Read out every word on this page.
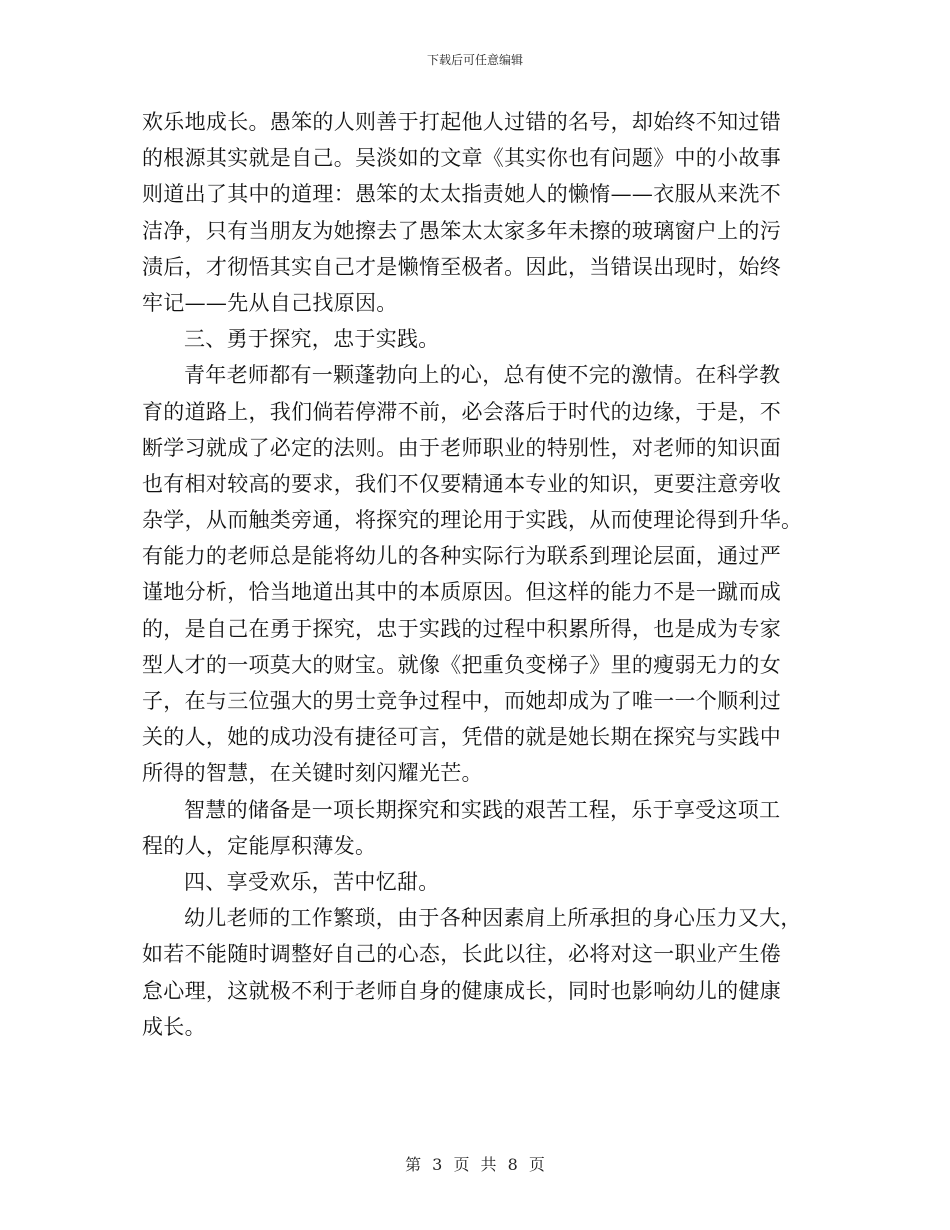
下载后可任意编辑
欢乐地成长。愚笨的人则善于打起他人过错的名号，却始终不知过错
的根源其实就是自己。吴淡如的文章《其实你也有问题》中的小故事
则道出了其中的道理：愚笨的太太指责她人的懒惰——衣服从来洗不
洁净，只有当朋友为她擦去了愚笨太太家多年未擦的玻璃窗户上的污
渍后，才彻悟其实自己才是懒惰至极者。因此，当错误出现时，始终
牢记——先从自己找原因。
三、勇于探究，忠于实践。
青年老师都有一颗蓬勃向上的心，总有使不完的激情。在科学教
育的道路上，我们倘若停滞不前，必会落后于时代的边缘，于是，不
断学习就成了必定的法则。由于老师职业的特别性，对老师的知识面
也有相对较高的要求，我们不仅要精通本专业的知识，更要注意旁收
杂学，从而触类旁通，将探究的理论用于实践，从而使理论得到升华。
有能力的老师总是能将幼儿的各种实际行为联系到理论层面，通过严
谨地分析，恰当地道出其中的本质原因。但这样的能力不是一蹴而成
的，是自己在勇于探究，忠于实践的过程中积累所得，也是成为专家
型人才的一项莫大的财宝。就像《把重负变梯子》里的瘦弱无力的女
子，在与三位强大的男士竞争过程中，而她却成为了唯一一个顺利过
关的人，她的成功没有捷径可言，凭借的就是她长期在探究与实践中
所得的智慧，在关键时刻闪耀光芒。
智慧的储备是一项长期探究和实践的艰苦工程，乐于享受这项工
程的人，定能厚积薄发。
四、享受欢乐，苦中忆甜。
幼儿老师的工作繁琐，由于各种因素肩上所承担的身心压力又大，
如若不能随时调整好自己的心态，长此以往，必将对这一职业产生倦
怠心理，这就极不利于老师自身的健康成长，同时也影响幼儿的健康
成长。
第 3 页 共 8 页
